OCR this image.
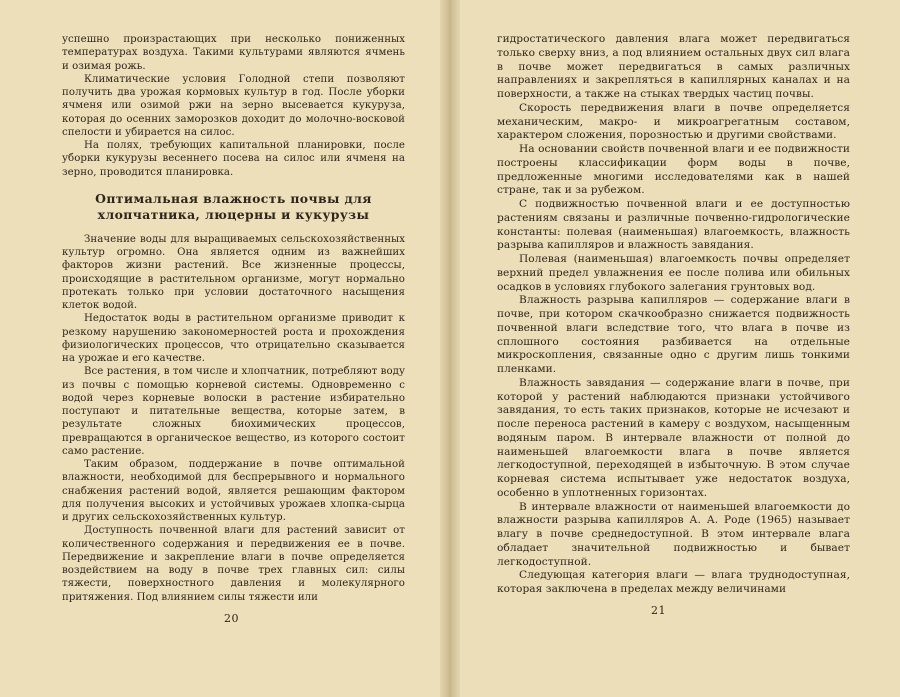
успешно произрастающих при несколько пониженных температурах воздуха. Такими культурами являются ячмень и озимая рожь.

Климатические условия Голодной степи позволяют получить два урожая кормовых культур в год. После уборки ячменя или озимой ржи на зерно высевается кукуруза, которая до осенних заморозков доходит до молочно-восковой спелости и убирается на силос.

На полях, требующих капитальной планировки, после уборки кукурузы весеннего посева на силос или ячменя на зерно, проводится планировка.

Оптимальная влажность почвы для хлопчатника, люцерны и кукурузы

Значение воды для выращиваемых сельскохозяйственных культур огромно. Она является одним из важнейших факторов жизни растений. Все жизненные процессы, происходящие в растительном организме, могут нормально протекать только при условии достаточного насыщения клеток водой.

Недостаток воды в растительном организме приводит к резкому нарушению закономерностей роста и прохождения физиологических процессов, что отрицательно сказывается на урожае и его качестве.

Все растения, в том числе и хлопчатник, потребляют воду из почвы с помощью корневой системы. Одновременно с водой через корневые волоски в растение избирательно поступают и питательные вещества, которые затем, в результате сложных биохимических процессов, превращаются в органическое вещество, из которого состоит само растение.

Таким образом, поддержание в почве оптимальной влажности, необходимой для беспрерывного и нормального снабжения растений водой, является решающим фактором для получения высоких и устойчивых урожаев хлопка-сырца и других сельскохозяйственных культур.

Доступность почвенной влаги для растений зависит от количественного содержания и передвижения ее в почве. Передвижение и закрепление влаги в почве определяется воздействием на воду в почве трех главных сил: силы тяжести, поверхностного давления и молекулярного притяжения. Под влиянием силы тяжести или

20

гидростатического давления влага может передвигаться только сверху вниз, а под влиянием остальных двух сил влага в почве может передвигаться в самых различных направлениях и закрепляться в капиллярных каналах и на поверхности, а также на стыках твердых частиц почвы.

Скорость передвижения влаги в почве определяется механическим, макро- и микроагрегатным составом, характером сложения, порозностью и другими свойствами.

На основании свойств почвенной влаги и ее подвижности построены классификации форм воды в почве, предложенные многими исследователями как в нашей стране, так и за рубежом.

С подвижностью почвенной влаги и ее доступностью растениям связаны и различные почвенно-гидрологические константы: полевая (наименьшая) влагоемкость, влажность разрыва капилляров и влажность завядания.

Полевая (наименьшая) влагоемкость почвы определяет верхний предел увлажнения ее после полива или обильных осадков в условиях глубокого залегания грунтовых вод.

Влажность разрыва капилляров — содержание влаги в почве, при котором скачкообразно снижается подвижность почвенной влаги вследствие того, что влага в почве из сплошного состояния разбивается на отдельные микроскопления, связанные одно с другим лишь тонкими пленками.

Влажность завядания — содержание влаги в почве, при которой у растений наблюдаются признаки устойчивого завядания, то есть таких признаков, которые не исчезают и после переноса растений в камеру с воздухом, насыщенным водяным паром. В интервале влажности от полной до наименьшей влагоемкости влага в почве является легкодоступной, переходящей в избыточную. В этом случае корневая система испытывает уже недостаток воздуха, особенно в уплотненных горизонтах.

В интервале влажности от наименьшей влагоемкости до влажности разрыва капилляров А. А. Роде (1965) называет влагу в почве среднедоступной. В этом интервале влага обладает значительной подвижностью и бывает легкодоступной.

Следующая категория влаги — влага труднодоступная, которая заключена в пределах между величинами

21
